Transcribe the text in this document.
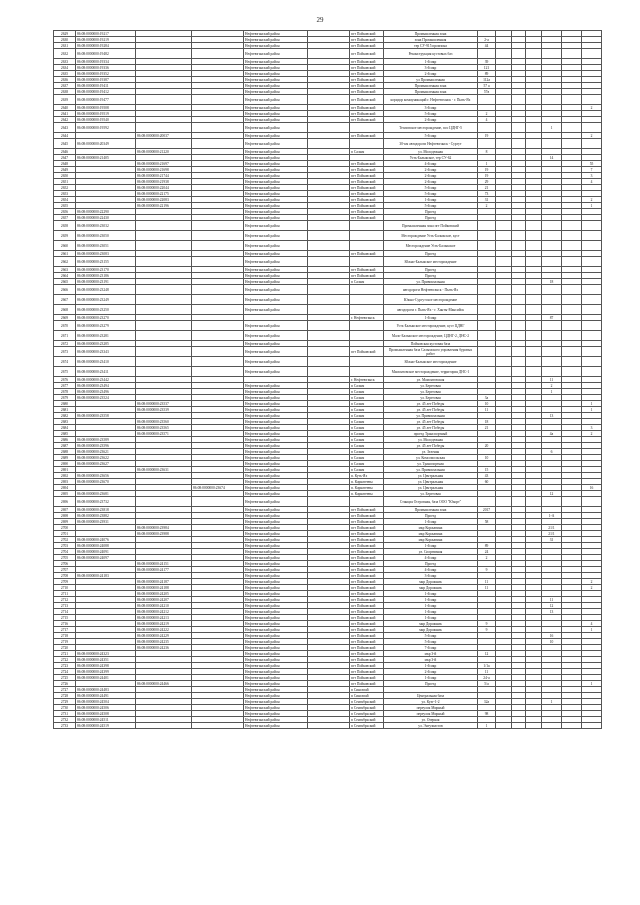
29
2629	86:08:0000000:19217			Нефтеюганский район		пгт Пойковский	Промышленная зона							
2630	86:08:0000000:19219			Нефтеюганский район		пгт Пойковский	зона Промышленная	2-а						
2631	86:08:0000000:19284			Нефтеюганский район		пгт Пойковский	тер СУ-915 промзона	44						
2632	86:08:0000000:19482			Нефтеюганский район		пгт Пойковский	Реконструкция кустовых баз							
2633	86:08:0000000:19334			Нефтеюганский район		пгт Пойковский	1-й мкр	39						
2634	86:08:0000000:19336			Нефтеюганский район		пгт Пойковский	3-й мкр	121						
2635	86:08:0000000:19352			Нефтеюганский район		пгт Пойковский	2-й мкр	89						
2636	86:08:0000000:19387			Нефтеюганский район		пгт Пойковский	ул Промышленная	112а						
2637	86:08:0000000:19411			Нефтеюганский район		пгт Пойковский	Промышленная зона	57 а						
2638	86:08:0000000:19412			Нефтеюганский район		пгт Пойковский	Промышленная зона	57в						
2639	86:08:0000000:19477			Нефтеюганский район		пгт Пойковский	коридор коммуникаций г. Нефтеюганск - г. Пыть-Ях							
2640	86:08:0000000:19508			Нефтеюганский район		пгт Пойковский	3-й мкр							2
2641	86:08:0000000:19519			Нефтеюганский район		пгт Пойковский	5-й мкр	2						
2642	86:08:0000000:19540			Нефтеюганский район		пгт Пойковский	2-й мкр	4						
2643	86:08:0000000:19592			Нефтеюганский район			Тепловское месторождение, пос ЦДНГ-5					1		
2644		86:08:0000000:20037		Нефтеюганский район		пгт Пойковский	5-й мкр	19						2
2645	86:08:0000000:20349			Нефтеюганский район			30-км автодороги Нефтеюганск - Сургут							
2646		86:08:0000000:21220		Нефтеюганский район		п Салым	ул. Молодежная	8						
2647	86:08:0000000:21405			Нефтеюганский район			Усть-Балыкское, тер СУ-62					14		
2648		86:08:0000000:21697		Нефтеюганский район		пгт Пойковский	4-й мкр	1						55
2649		86:08:0000000:21698		Нефтеюганский район		пгт Пойковский	2-й мкр	19						7
2650		86:08:0000000:21744		Нефтеюганский район		пгт Пойковский	2-й мкр	19						3
2651		86:08:0000000:21938		Нефтеюганский район		пгт Пойковский	2-й мкр	29						4
2652		86:08:0000000:22044		Нефтеюганский район		пгт Пойковский	5-й мкр	21						
2653		86:08:0000000:22175		Нефтеюганский район		пгт Пойковский	5-й мкр	73						
2654		86:08:0000000:22083		Нефтеюганский район		пгт Пойковский	1-й мкр	31						2
2655		86:08:0000000:22196		Нефтеюганский район		пгт Пойковский	5-й мкр	2						1
2656	86:08:0000000:22290			Нефтеюганский район		пгт Пойковский	Проезд							
2657	86:08:0000000:22430			Нефтеюганский район		пгт Пойковский	Проезд							
2658	86:08:0000000:23032			Нефтеюганский район			Промышленная зона пгт Пойковский							
2659	86:08:0000000:23050			Нефтеюганский район			Месторождение Усть-Балыкское, куст							
2660	86:08:0000000:23051			Нефтеюганский район			Месторождение Усть-Балыкское							
2661	86:08:0000000:23083			Нефтеюганский район		пгт Пойковский	Проезд							
2662	86:08:0000000:23155			Нефтеюганский район			Южно-Балыкское месторождение							
2663	86:08:0000000:23170			Нефтеюганский район		пгт Пойковский	Проезд							
2664	86:08:0000000:23186			Нефтеюганский район		пгт Пойковский	Проезд							
2665	86:08:0000000:23191			Нефтеюганский район		п Салым	ул. Привокзальная					18		
2666	86:08:0000000:23248			Нефтеюганский район			автодороги Нефтеюганск - Пыть-Ях							
2667	86:08:0000000:23249			Нефтеюганский район			Южно-Сургутское месторождение							
2668	86:08:0000000:23250			Нефтеюганский район			автодороги г. Пыть-Ях - г. Ханты-Мансийск							
2669	86:08:0000000:23270					г. Нефтеюганск	1-й мкр					87		
2670	86:08:0000000:23279			Нефтеюганский район			Усть-Балыкское месторождение, куст ЦДНГ							
2671	86:08:0000000:23281			Нефтеюганский район			Мало-Балыкское месторождение, ЦДНГ-2, ДНС-2							
2672	86:08:0000000:23285			Нефтеюганский район			Пойковская кустовая база							
2673	86:08:0000000:23343			Нефтеюганский район		пгт Пойковский	Промышленная база Салымского управления буровых работ							
2674	86:08:0000000:23410			Нефтеюганский район			Южно-Балыкское месторождение							
2675	86:08:0000000:23411			Нефтеюганский район			Мамонтовское месторождение, территория ДНС-1							
2676	86:08:0000000:23442					г. Нефтеюганск	ул. Мамонтовская					11		
2677	86:08:0000000:23494			Нефтеюганский район		п Салым	ул. Береговая					2		
2678	86:08:0000000:23496			Нефтеюганский район		п Салым	ул. Береговая					1		
2679	86:08:0000000:23524			Нефтеюганский район		п Салым	ул. Береговая	3а						
2680		86:08:0000000:23537		Нефтеюганский район		п Салым	ул. 45 лет Победы	10						1
2681		86:08:0000000:23539		Нефтеюганский район		п Салым	ул. 45 лет Победы	11						1
2682	86:08:0000000:23558			Нефтеюганский район		п Салым	ул. Привокзальная					13		
2683		86:08:0000000:23560		Нефтеюганский район		п Салым	ул. 45 лет Победы	18						
2684		86:08:0000000:23565		Нефтеюганский район		п Салым	ул. 45 лет Победы	21						3
2685		86:08:0000000:23571		Нефтеюганский район		п Салым	проезд Транспортный					4а		2
2686	86:08:0000000:23589			Нефтеюганский район		п Салым	ул. Молодежная							
2687	86:08:0000000:23596			Нефтеюганский район		п Салым	ул. 45 лет Победы	20						
2688	86:08:0000000:23621			Нефтеюганский район		п Салым	ул. Зеленая					6		
2689	86:08:0000000:23622			Нефтеюганский район		п Салым	ул. Комсомольская	10						
2690	86:08:0000000:23627			Нефтеюганский район		п Салым	ул. Транспортная							
2691		86:08:0000000:23631		Нефтеюганский район		п Салым	ул. Привокзальная	15						
2692	86:08:0000000:23656			Нефтеюганский район		п. Куть-Ях	ул. Центральная	43						
2693	86:08:0000000:23670			Нефтеюганский район		п. Каркатеевы	ул. Центральная	60						
2694			86:08:0000000:23674	Нефтеюганский район		п. Каркатеевы	ул. Центральная							16
2695	86:08:0000000:23681			Нефтеюганский район		п. Каркатеевы	ул. Береговая					12		
2696	86:08:0000000:23732			Нефтеюганский район			Станция Островная, база ООО "Юкорт"							
2697	86:08:0000000:23818			Нефтеюганский район		пгт Пойковский	Промышленная зона	2017						
2698	86:08:0000000:23882			Нефтеюганский район		пгт Пойковский	Проезд					1-А		
2699	86:08:0000000:23931			Нефтеюганский район		пгт Пойковский	1-й мкр	58						
2700		86:08:0000000:23984		Нефтеюганский район		пгт Пойковский	мкр Коржавина					21/1		
2701		86:08:0000000:23988		Нефтеюганский район		пгт Пойковский	мкр Коржавина					21/1		
2702	86:08:0000000:24076			Нефтеюганский район		пгт Пойковский	мкр Коржавина					31		
2703	86:08:0000000:24088			Нефтеюганский район		пгт Пойковский	1-й мкр	89						
2704	86:08:0000000:24091			Нефтеюганский район		пгт Пойковский	ул. Спортивная	24						
2705	86:08:0000000:24097			Нефтеюганский район		пгт Пойковский	4-й мкр	2						
2706		86:08:0000000:24151		Нефтеюганский район		пгт Пойковский	Проезд							
2707		86:08:0000000:24177		Нефтеюганский район		пгт Пойковский	4-й мкр	9						
2708	86:08:0000000:24183			Нефтеюганский район		пгт Пойковский	3-й мкр							
2709		86:08:0000000:24187		Нефтеюганский район		пгт Пойковский	мкр Дорожник	11						2
2710		86:08:0000000:24188		Нефтеюганский район		пгт Пойковский	мкр Дорожник	11						2
2711		86:08:0000000:24205		Нефтеюганский район		пгт Пойковский	1-й мкр							
2712		86:08:0000000:24207		Нефтеюганский район		пгт Пойковский	1-й мкр					11		
2713		86:08:0000000:24210		Нефтеюганский район		пгт Пойковский	1-й мкр					12		
2714		86:08:0000000:24212		Нефтеюганский район		пгт Пойковский	1-й мкр					13		
2715		86:08:0000000:24213		Нефтеюганский район		пгт Пойковский	1-й мкр							
2716		86:08:0000000:24219		Нефтеюганский район		пгт Пойковский	мкр Дорожник	9						4
2717		86:08:0000000:24222		Нефтеюганский район		пгт Пойковский	мкр Дорожник	9						1
2718		86:08:0000000:24229		Нефтеюганский район		пгт Пойковский	5-й мкр					16		
2719		86:08:0000000:24235		Нефтеюганский район		пгт Пойковский	5-й мкр					10		
2720		86:08:0000000:24236		Нефтеюганский район		пгт Пойковский	7-й мкр							
2721	86:08:0000000:24323			Нефтеюганский район		пгт Пойковский	мкр 3-й	12						
2722	86:08:0000000:24351			Нефтеюганский район		пгт Пойковский	мкр 3-й							
2723	86:08:0000000:24398			Нефтеюганский район		пгт Пойковский	1-й мкр	1/1а						
2724	86:08:0000000:24399			Нефтеюганский район		пгт Пойковский	2-й мкр	11						
2725	86:08:0000000:24401			Нефтеюганский район		пгт Пойковский	1-й мкр	24-а						
2726		86:08:0000000:24466		Нефтеюганский район		пгт Пойковский	Проезд	5/а						1
2727	86:08:0000000:24483			Нефтеюганский район		п Сингапай								
2728	86:08:0000000:24491			Нефтеюганский район		п Сингапай	Центральная база							
2729	86:08:0000000:24504			Нефтеюганский район		п Сентябрьский	ул. Кузг-1-2	32а				1		
2730	86:08:0000000:24506			Нефтеюганский район		п Сентябрьский	переулок Мирный							
2731	86:08:0000000:24508			Нефтеюганский район		п Сентябрьский	переулок Мирный	98						
2732	86:08:0000000:24511			Нефтеюганский район		п Сентябрьский	ул. Озерная							
2733	86:08:0000000:24519			Нефтеюганский район		п Сентябрьский	ул. Энтузиастов	1						
